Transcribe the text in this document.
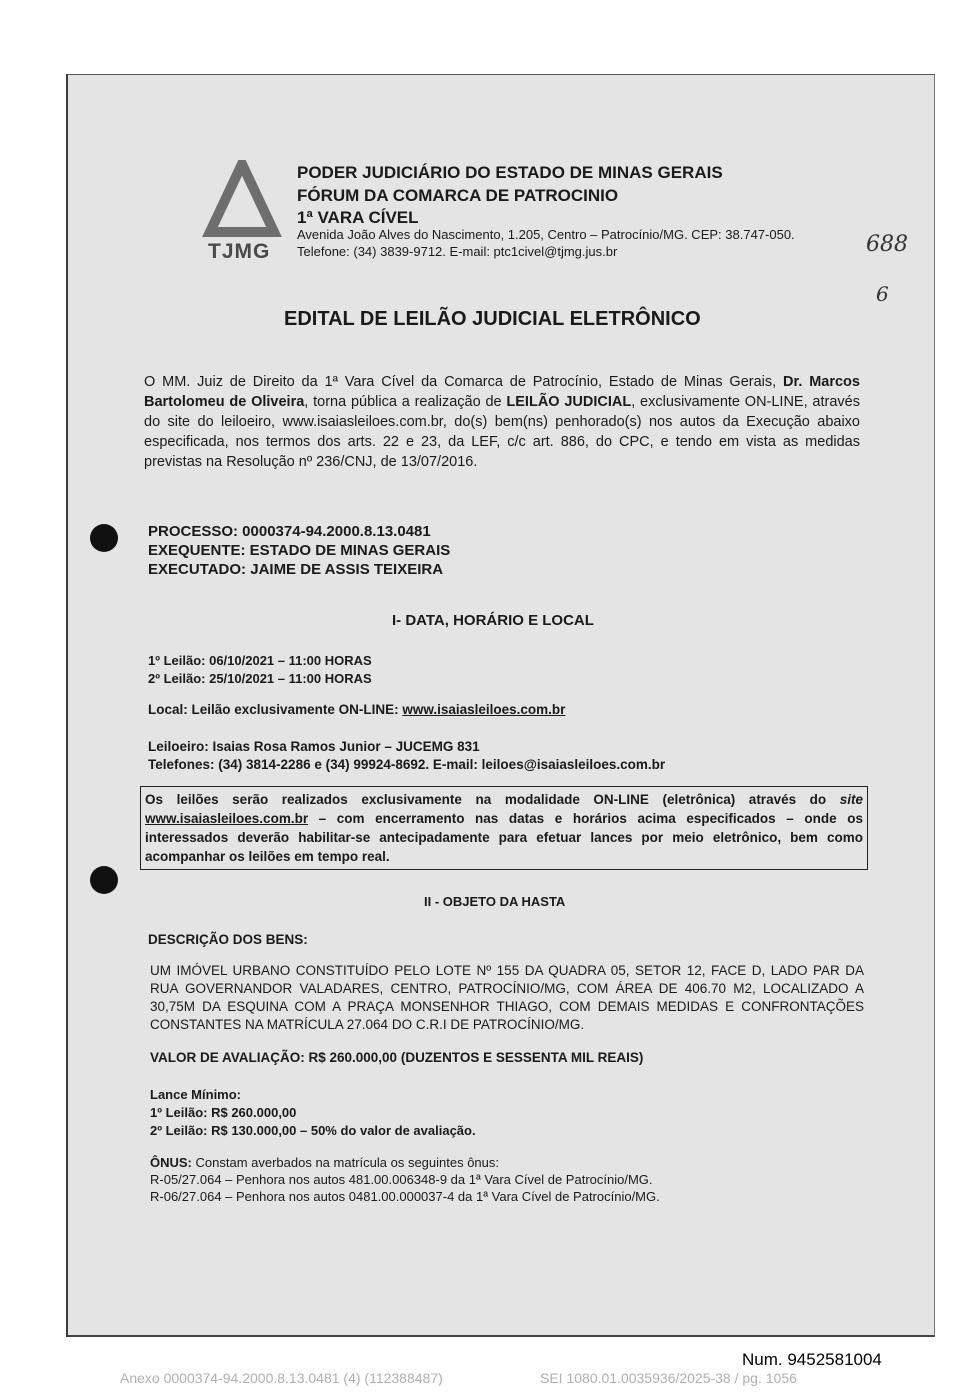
TJMG
PODER JUDICIÁRIO DO ESTADO DE MINAS GERAIS
FÓRUM DA COMARCA DE PATROCINIO
1ª VARA CÍVEL
Avenida João Alves do Nascimento, 1.205, Centro – Patrocínio/MG. CEP: 38.747-050. Telefone: (34) 3839-9712. E-mail: ptc1civel@tjmg.jus.br	688
6
EDITAL DE LEILÃO JUDICIAL ELETRÔNICO
O MM. Juiz de Direito da 1ª Vara Cível da Comarca de Patrocínio, Estado de Minas Gerais, Dr. Marcos Bartolomeu de Oliveira, torna pública a realização de LEILÃO JUDICIAL, exclusivamente ON-LINE, através do site do leiloeiro, www.isaiasleiloes.com.br, do(s) bem(ns) penhorado(s) nos autos da Execução abaixo especificada, nos termos dos arts. 22 e 23, da LEF, c/c art. 886, do CPC, e tendo em vista as medidas previstas na Resolução nº 236/CNJ, de 13/07/2016.
PROCESSO: 0000374-94.2000.8.13.0481
EXEQUENTE: ESTADO DE MINAS GERAIS
EXECUTADO: JAIME DE ASSIS TEIXEIRA
I- DATA, HORÁRIO E LOCAL
1º Leilão: 06/10/2021 – 11:00 HORAS
2º Leilão: 25/10/2021 – 11:00 HORAS
Local: Leilão exclusivamente ON-LINE: www.isaiasleiloes.com.br
Leiloeiro: Isaias Rosa Ramos Junior – JUCEMG 831
Telefones: (34) 3814-2286 e (34) 99924-8692. E-mail: leiloes@isaiasleiloes.com.br
Os leilões serão realizados exclusivamente na modalidade ON-LINE (eletrônica) através do site www.isaiasleiloes.com.br – com encerramento nas datas e horários acima especificados – onde os interessados deverão habilitar-se antecipadamente para efetuar lances por meio eletrônico, bem como acompanhar os leilões em tempo real.
II - OBJETO DA HASTA
DESCRIÇÃO DOS BENS:
UM IMÓVEL URBANO CONSTITUÍDO PELO LOTE Nº 155 DA QUADRA 05, SETOR 12, FACE D, LADO PAR DA RUA GOVERNANDOR VALADARES, CENTRO, PATROCÍNIO/MG, COM ÁREA DE 406.70 M2, LOCALIZADO A 30,75M DA ESQUINA COM A PRAÇA MONSENHOR THIAGO, COM DEMAIS MEDIDAS E CONFRONTAÇÕES CONSTANTES NA MATRÍCULA 27.064 DO C.R.I DE PATROCÍNIO/MG.
VALOR DE AVALIAÇÃO: R$ 260.000,00 (DUZENTOS E SESSENTA MIL REAIS)
Lance Mínimo:
1º Leilão: R$ 260.000,00
2º Leilão: R$ 130.000,00 – 50% do valor de avaliação.
ÔNUS: Constam averbados na matrícula os seguintes ônus:
R-05/27.064 – Penhora nos autos 481.00.006348-9 da 1ª Vara Cível de Patrocínio/MG.
R-06/27.064 – Penhora nos autos 0481.00.000037-4 da 1ª Vara Cível de Patrocínio/MG.
Num. 9452581004
Anexo 0000374-94.2000.8.13.0481 (4) (112388487)	SEI 1080.01.0035936/2025-38 / pg. 1056
